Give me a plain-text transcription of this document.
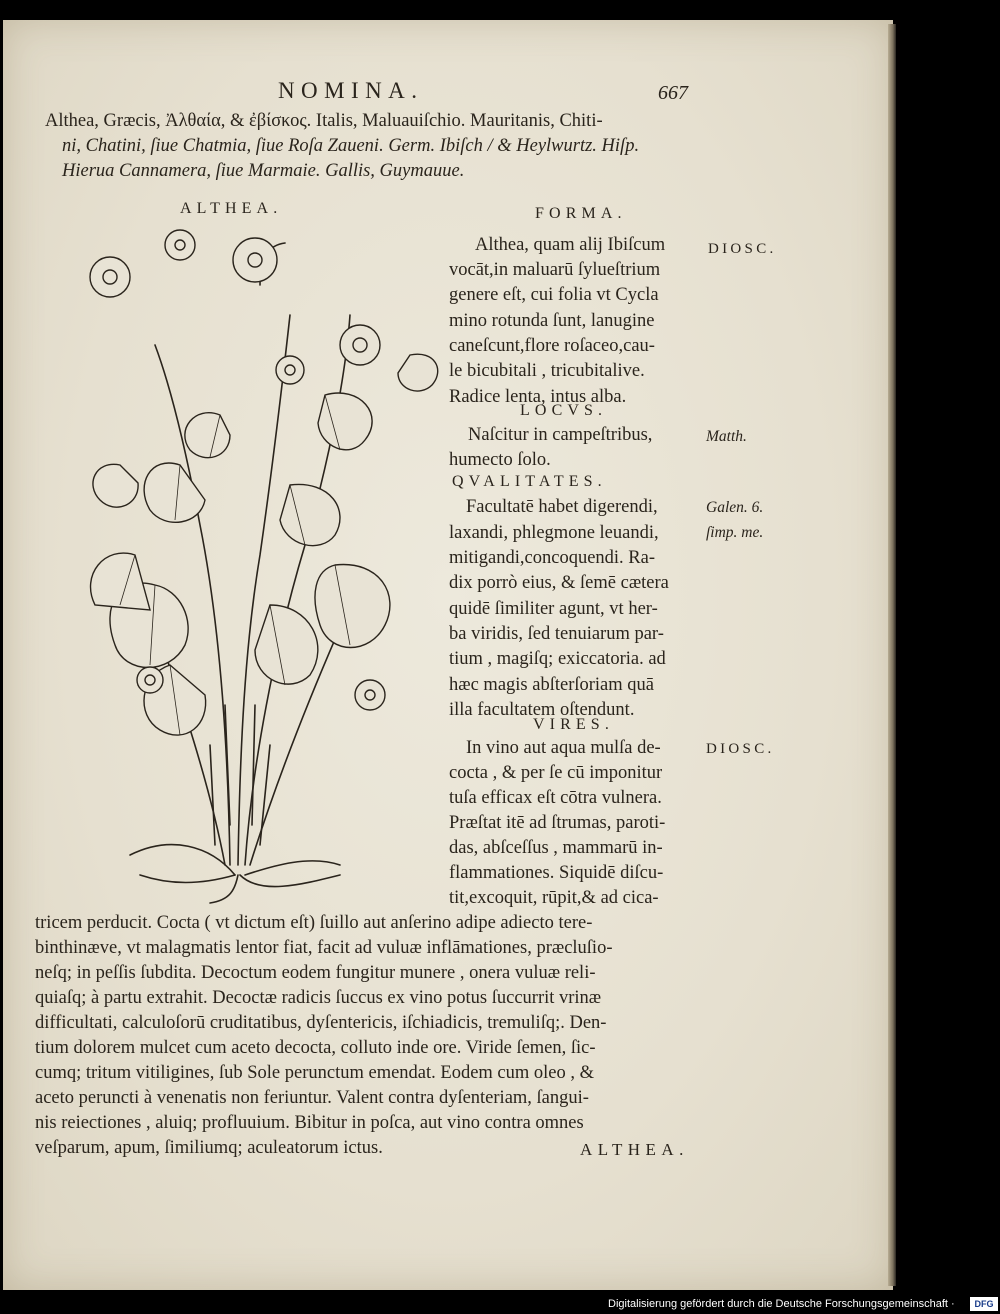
NOMINA.	667
Althea, Græcis, Ἀλθαία, & ἐβίσκος. Italis, Maluauiſchio. Mauritanis, Chiti-
ni, Chatini, ſiue Chatmia, ſiue Roſa Zaueni. Germ. Ibiſch / & Heylwurtz. Hiſp.
Hierua Cannamera, ſiue Marmaie. Gallis, Guymauue.
ALTHEA.	FORMA.
Althea, quam alij Ibiſcum
vocāt,in maluarū ſylueſtrium
genere eſt, cui folia vt Cycla
mino rotunda ſunt, lanugine
caneſcunt,flore roſaceo,cau-
le bicubitali , tricubitalive.
Radice lenta, intus alba.
LOCVS.
Naſcitur in campeſtribus,
humecto ſolo.
QVALITATES.
Facultatē habet digerendi,
laxandi, phlegmone leuandi,
mitigandi,concoquendi. Ra-
dix porrò eius, & ſemē cætera
quidē ſimiliter agunt, vt her-
ba viridis, ſed tenuiarum par-
tium , magiſq; exiccatoria. ad
hæc magis abſterſoriam quā
illa facultatem oſtendunt.
VIRES.
In vino aut aqua mulſa de-
cocta , & per ſe cū imponitur
tuſa efficax eſt cōtra vulnera.
Præſtat itē ad ſtrumas, paroti-
das, abſceſſus , mammarū in-
flammationes. Siquidē diſcu-
tit,excoquit, rūpit,& ad cica-
tricem perducit. Cocta ( vt dictum eſt) ſuillo aut anſerino adipe adiecto tere-
binthinæve, vt malagmatis lentor fiat, facit ad vuluæ inflāmationes, præcluſio-
neſq; in peſſis ſubdita. Decoctum eodem fungitur munere , onera vuluæ reli-
quiaſq; à partu extrahit. Decoctæ radicis ſuccus ex vino potus ſuccurrit vrinæ
difficultati, calculoſorū cruditatibus, dyſentericis, iſchiadicis, tremuliſq;. Den-
tium dolorem mulcet cum aceto decocta, colluto inde ore. Viride ſemen, ſic-
cumq; tritum vitiligines, ſub Sole perunctum emendat. Eodem cum oleo , &
aceto peruncti à venenatis non feriuntur. Valent contra dyſenteriam, ſangui-
nis reiectiones , aluiq; profluuium. Bibitur in poſca, aut vino contra omnes
veſparum, apum, ſimiliumq; aculeatorum ictus.	ALTHEA.
DIOSC.
Matth.
Galen. 6.
ſimp. me.
DIOSC.
Digitalisierung gefördert durch die Deutsche Forschungsgemeinschaft ·	DFG
